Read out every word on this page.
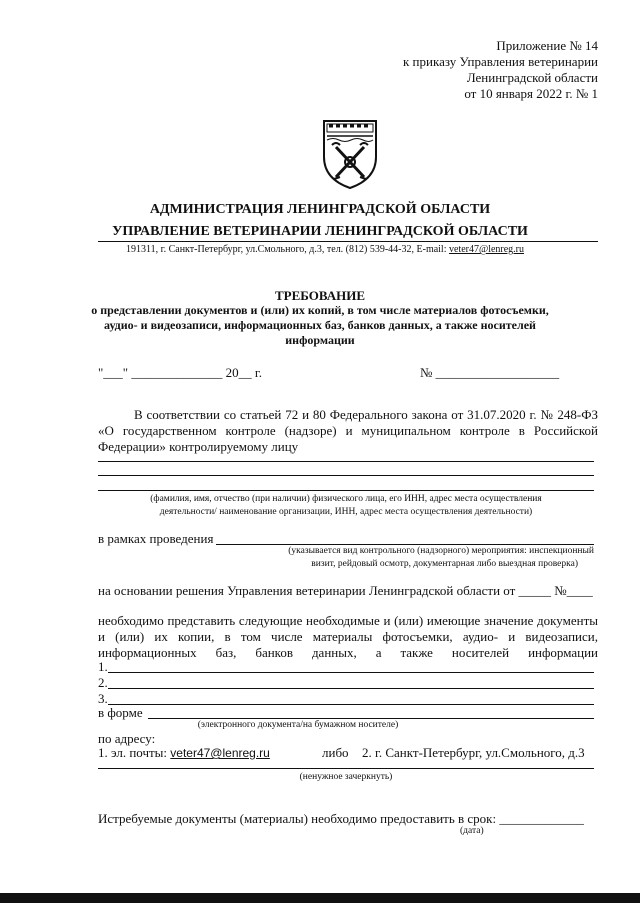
Приложение № 14
к приказу Управления ветеринарии
Ленинградской области
от 10 января 2022 г. № 1
АДМИНИСТРАЦИЯ ЛЕНИНГРАДСКОЙ ОБЛАСТИ
УПРАВЛЕНИЕ ВЕТЕРИНАРИИ ЛЕНИНГРАДСКОЙ ОБЛАСТИ
191311, г. Санкт-Петербург, ул.Смольного, д.3, тел. (812) 539-44-32, E-mail: veter47@lenreg.ru
ТРЕБОВАНИЕ
о представлении документов и (или) их копий, в том числе материалов фотосъемки,
аудио- и видеозаписи, информационных баз, банков данных, а также носителей
информации
"___" ______________ 20__ г.	№ ___________________
В соответствии со статьей 72 и 80 Федерального закона от 31.07.2020 г. № 248-ФЗ
«О государственном контроле (надзоре) и муниципальном контроле в Российской
Федерации» контролируемому лицу
(фамилия, имя, отчество (при наличии) физического лица, его ИНН, адрес места осуществления
деятельности/ наименование организации, ИНН, адрес места осуществления деятельности)
в рамках проведения
(указывается вид контрольного (надзорного) мероприятия: инспекционный
визит, рейдовый осмотр, документарная либо выездная проверка)
на основании решения Управления ветеринарии Ленинградской области от _____ №____
необходимо представить следующие необходимые и (или) имеющие значение документы
и (или) их копии, в том числе материалы фотосъемки, аудио- и видеозаписи,
информационных баз, банков данных, а также носителей информации
1.
2.
3.
в форме
(электронного документа/на бумажном носителе)
по адресу:
1. эл. почты: veter47@lenreg.ru	либо 2. г. Санкт-Петербург, ул.Смольного, д.3
(ненужное зачеркнуть)
Истребуемые документы (материалы) необходимо предоставить в срок: _____________
(дата)
